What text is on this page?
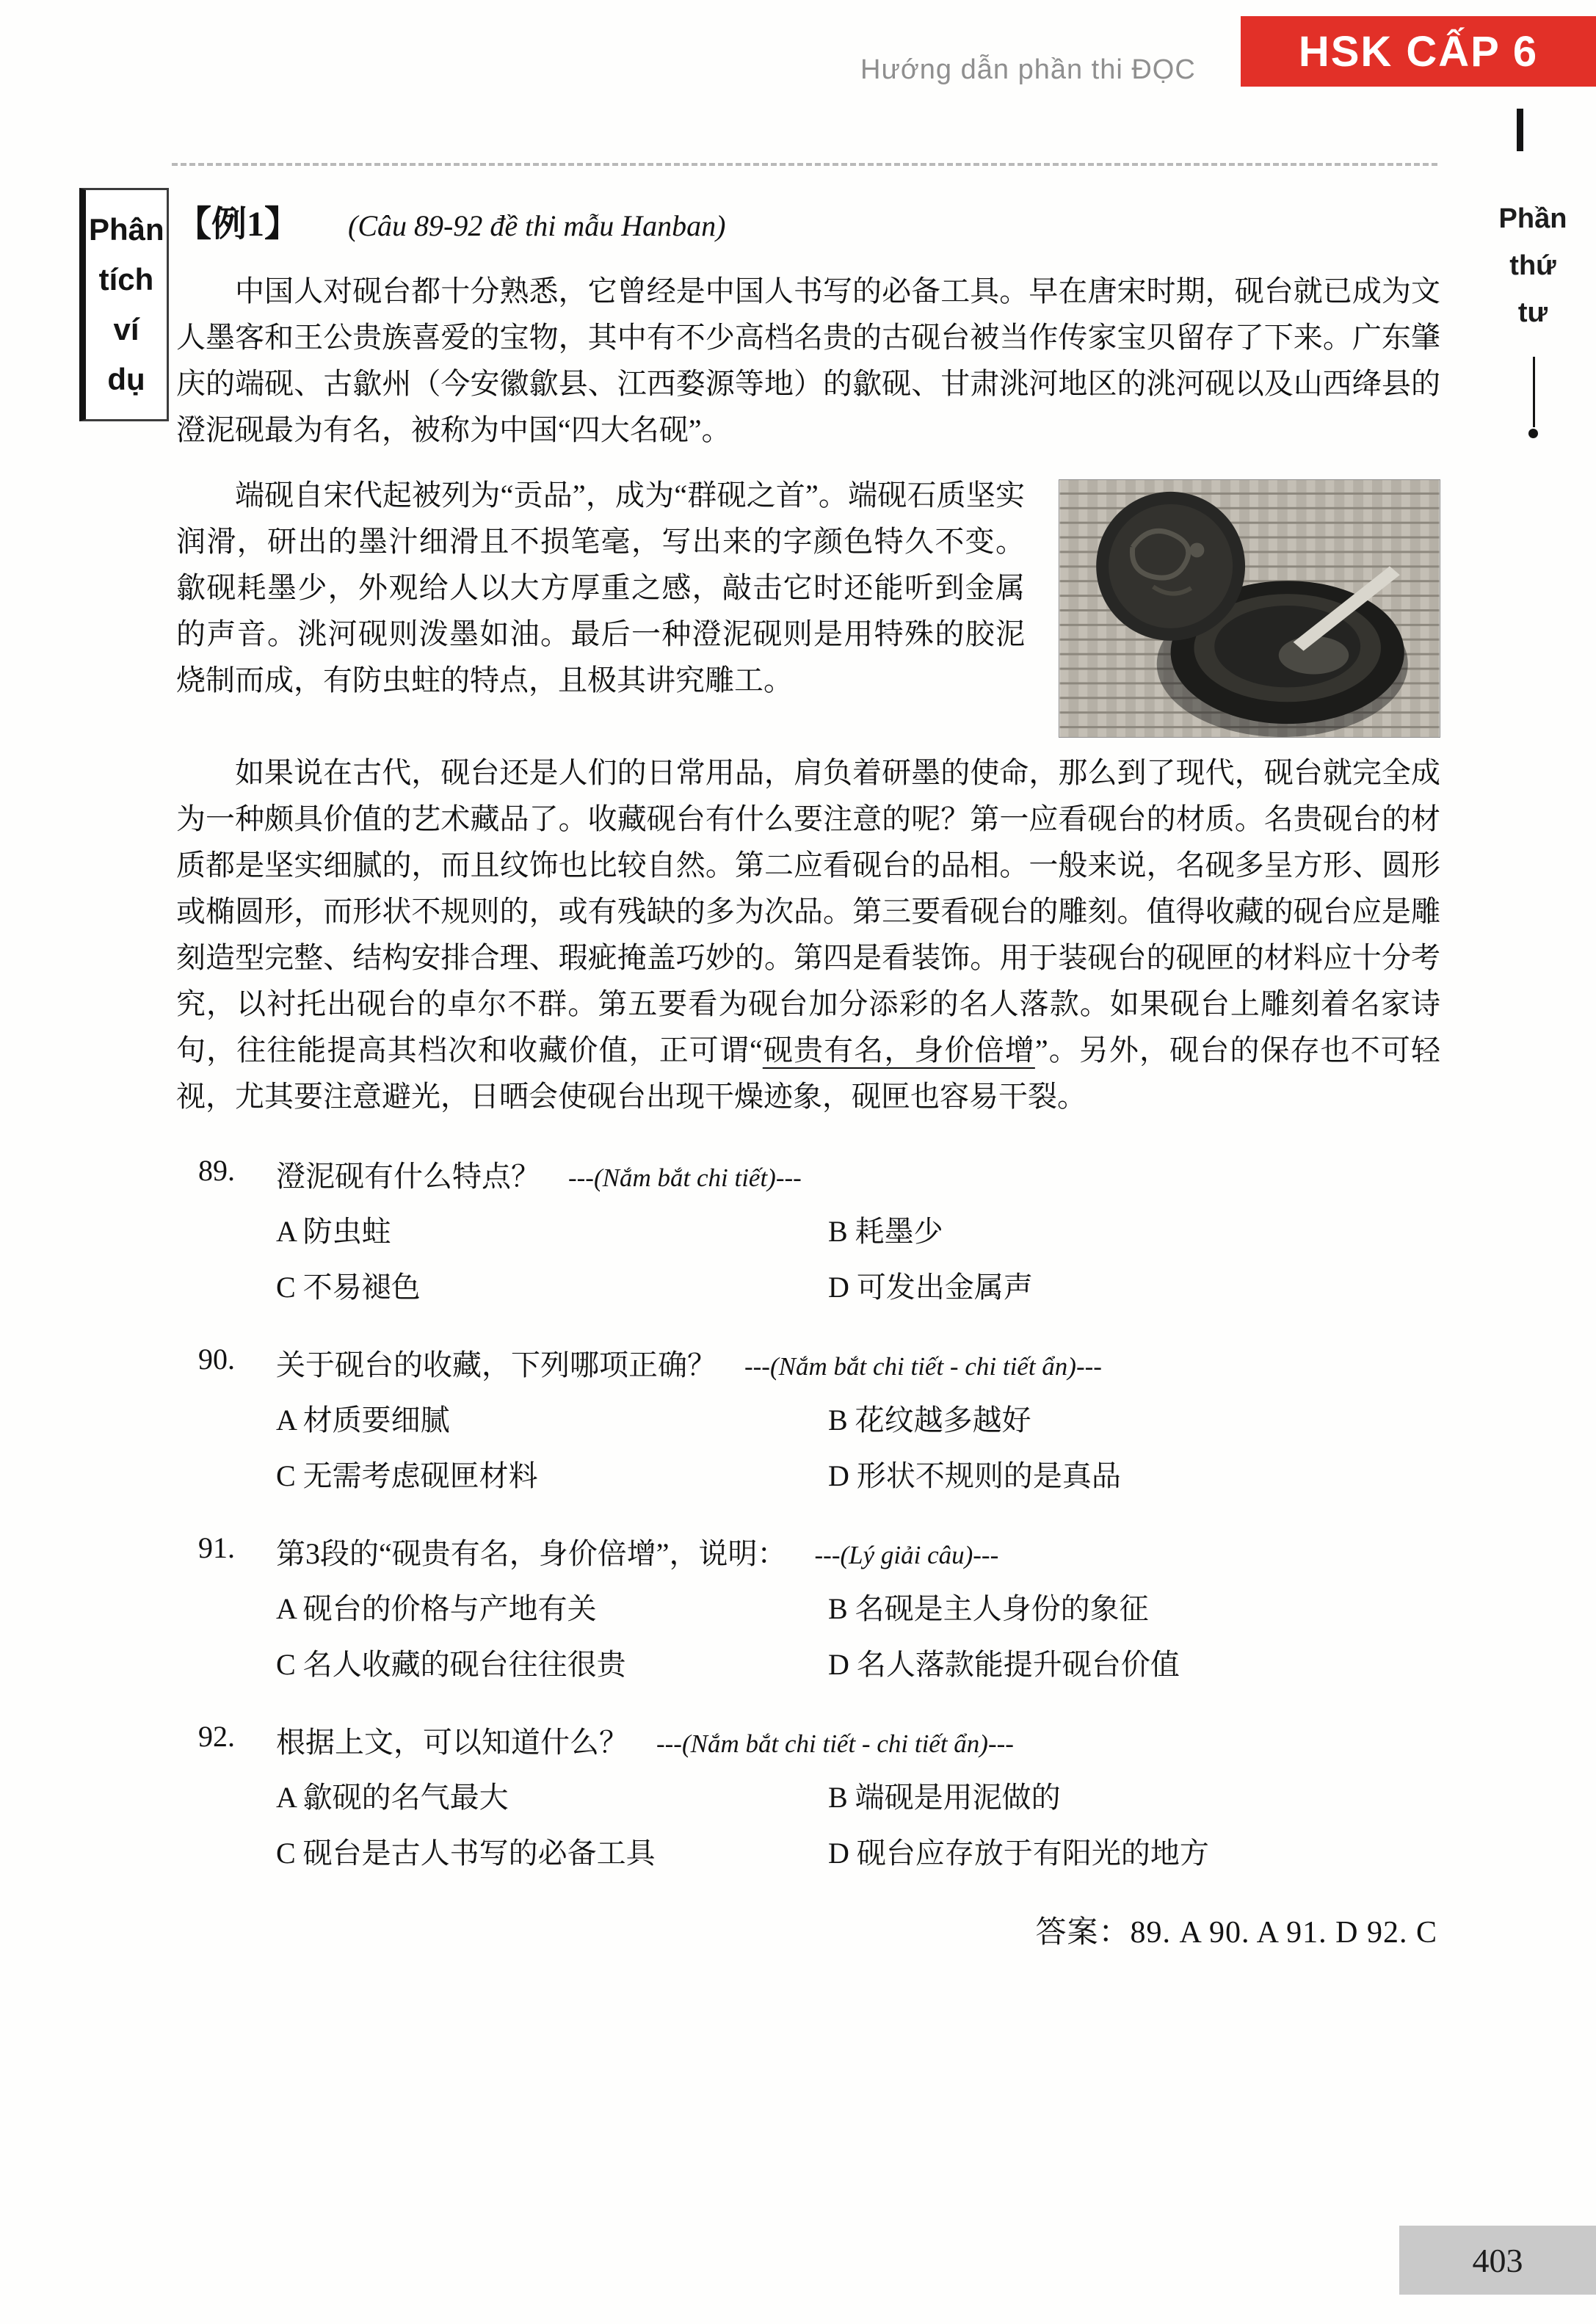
Hướng dẫn phần thi ĐỌC	HSK CẤP 6
Phân
tích
ví
dụ
Phần
thứ
tư
【例1】 (Câu 89-92 đề thi mẫu Hanban)

中国人对砚台都十分熟悉，它曾经是中国人书写的必备工具。早在唐宋时期，砚台就已成为文人墨客和王公贵族喜爱的宝物，其中有不少高档名贵的古砚台被当作传家宝贝留存了下来。广东肇庆的端砚、古歙州（今安徽歙县、江西婺源等地）的歙砚、甘肃洮河地区的洮河砚以及山西绛县的澄泥砚最为有名，被称为中国“四大名砚”。

端砚自宋代起被列为“贡品”，成为“群砚之首”。端砚石质坚实润滑，研出的墨汁细滑且不损笔毫，写出来的字颜色特久不变。歙砚耗墨少，外观给人以大方厚重之感，敲击它时还能听到金属的声音。洮河砚则泼墨如油。最后一种澄泥砚则是用特殊的胶泥烧制而成，有防虫蛀的特点，且极其讲究雕工。

如果说在古代，砚台还是人们的日常用品，肩负着研墨的使命，那么到了现代，砚台就完全成为一种颇具价值的艺术藏品了。收藏砚台有什么要注意的呢？第一应看砚台的材质。名贵砚台的材质都是坚实细腻的，而且纹饰也比较自然。第二应看砚台的品相。一般来说，名砚多呈方形、圆形或椭圆形，而形状不规则的，或有残缺的多为次品。第三要看砚台的雕刻。值得收藏的砚台应是雕刻造型完整、结构安排合理、瑕疵掩盖巧妙的。第四是看装饰。用于装砚台的砚匣的材料应十分考究，以衬托出砚台的卓尔不群。第五要看为砚台加分添彩的名人落款。如果砚台上雕刻着名家诗句，往往能提高其档次和收藏价值，正可谓“砚贵有名，身价倍增”。另外，砚台的保存也不可轻视，尤其要注意避光，日晒会使砚台出现干燥迹象，砚匣也容易干裂。

89.	澄泥砚有什么特点？ ---(Nắm bắt chi tiết)---
A 防虫蛀	B 耗墨少
C 不易褪色	D 可发出金属声
90.	关于砚台的收藏，下列哪项正确？ ---(Nắm bắt chi tiết - chi tiết ẩn)---
A 材质要细腻	B 花纹越多越好
C 无需考虑砚匣材料	D 形状不规则的是真品
91.	第3段的“砚贵有名，身价倍增”，说明： ---(Lý giải câu)---
A 砚台的价格与产地有关	B 名砚是主人身份的象征
C 名人收藏的砚台往往很贵	D 名人落款能提升砚台价值
92.	根据上文，可以知道什么？ ---(Nắm bắt chi tiết - chi tiết ẩn)---
A 歙砚的名气最大	B 端砚是用泥做的
C 砚台是古人书写的必备工具	D 砚台应存放于有阳光的地方
答案：89. A 90. A 91. D 92. C
403
